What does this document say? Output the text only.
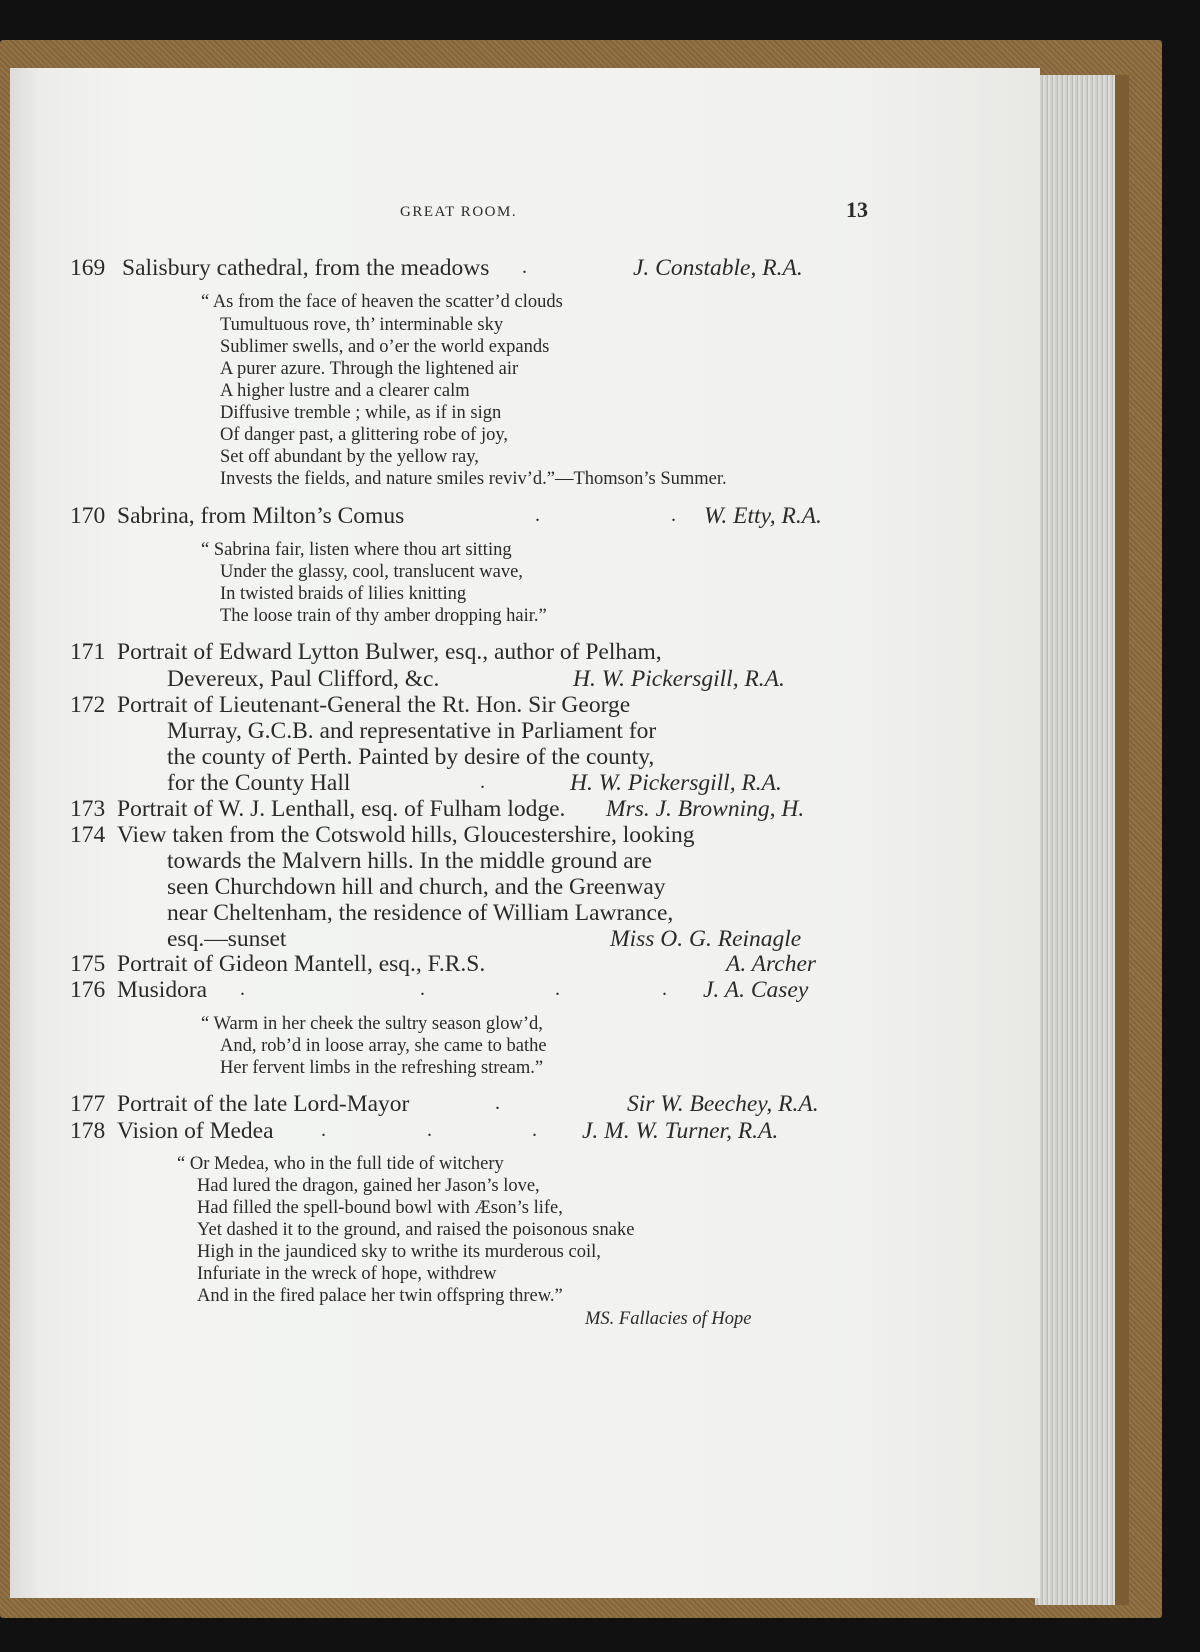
GREAT ROOM.	13
169 Salisbury cathedral, from the meadows .	J. Constable, R.A.
“ As from the face of heaven the scatter’d clouds
Tumultuous rove, th’ interminable sky
Sublimer swells, and o’er the world expands
A purer azure. Through the lightened air
A higher lustre and a clearer calm
Diffusive tremble ; while, as if in sign
Of danger past, a glittering robe of joy,
Set off abundant by the yellow ray,
Invests the fields, and nature smiles reviv’d.”—Thomson’s Summer.
170 Sabrina, from Milton’s Comus	.	. W. Etty, R.A.
“ Sabrina fair, listen where thou art sitting
Under the glassy, cool, translucent wave,
In twisted braids of lilies knitting
The loose train of thy amber dropping hair.”
171 Portrait of Edward Lytton Bulwer, esq., author of Pelham,
Devereux, Paul Clifford, &c.	H. W. Pickersgill, R.A.
172 Portrait of Lieutenant-General the Rt. Hon. Sir George
Murray, G.C.B. and representative in Parliament for
the county of Perth. Painted by desire of the county,
for the County Hall	.	H. W. Pickersgill, R.A.
173 Portrait of W. J. Lenthall, esq. of Fulham lodge. Mrs. J. Browning, H.
174 View taken from the Cotswold hills, Gloucestershire, looking
towards the Malvern hills. In the middle ground are
seen Churchdown hill and church, and the Greenway
near Cheltenham, the residence of William Lawrance,
esq.—sunset	Miss O. G. Reinagle
175 Portrait of Gideon Mantell, esq., F.R.S.	A. Archer
176 Musidora .	.	.	. J. A. Casey
“ Warm in her cheek the sultry season glow’d,
And, rob’d in loose array, she came to bathe
Her fervent limbs in the refreshing stream.”
177 Portrait of the late Lord-Mayor	.	Sir W. Beechey, R.A.
178 Vision of Medea .	.	. J. M. W. Turner, R.A.
“ Or Medea, who in the full tide of witchery
Had lured the dragon, gained her Jason’s love,
Had filled the spell-bound bowl with Æson’s life,
Yet dashed it to the ground, and raised the poisonous snake
High in the jaundiced sky to writhe its murderous coil,
Infuriate in the wreck of hope, withdrew
And in the fired palace her twin offspring threw.”
MS. Fallacies of Hope
